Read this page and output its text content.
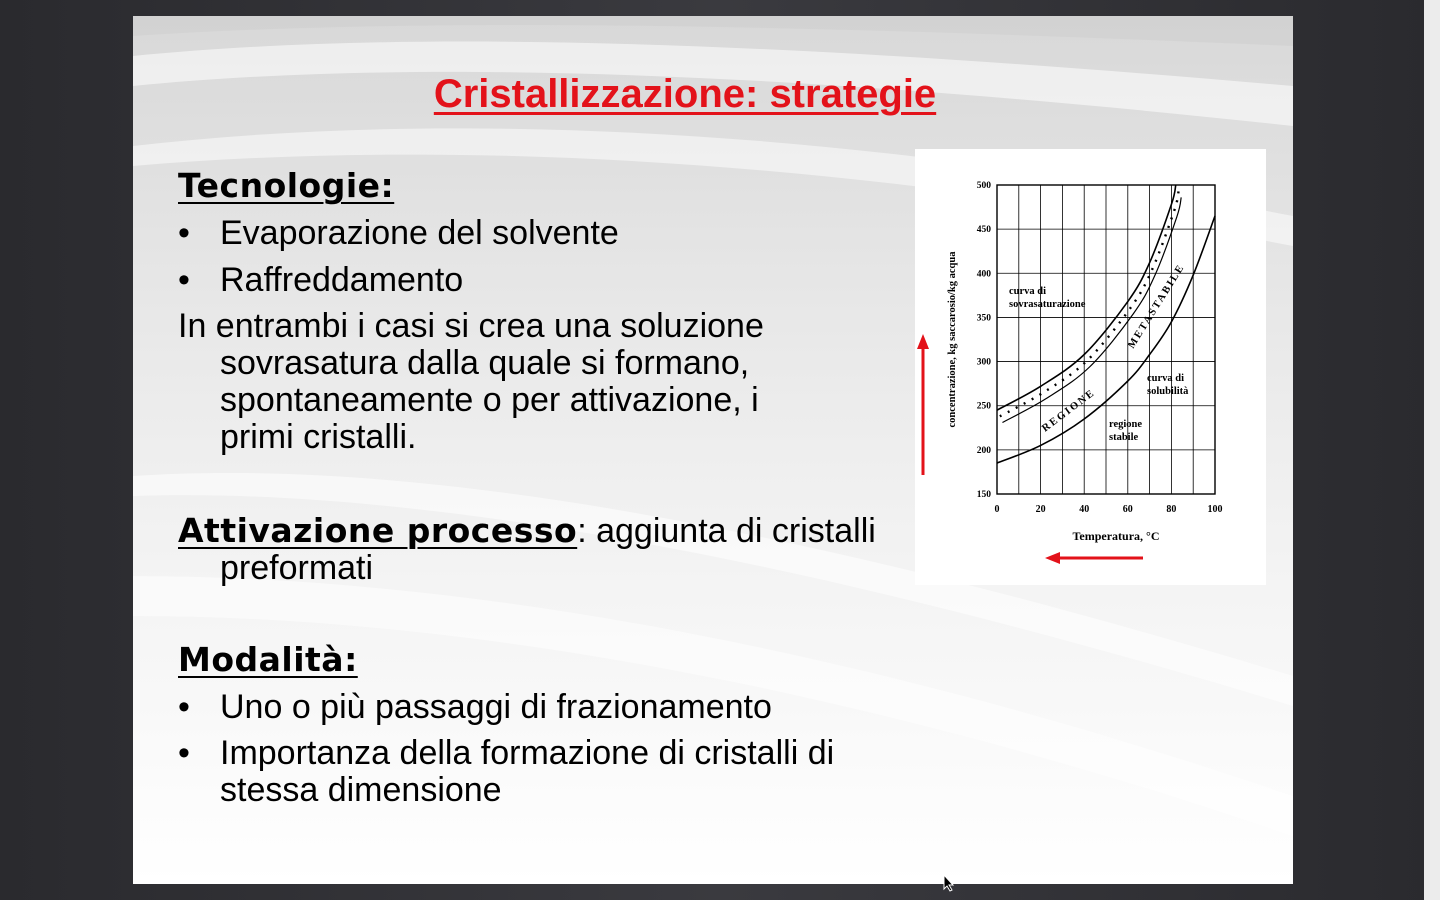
Cristallizzazione: strategie
Tecnologie:
• Evaporazione del solvente
• Raffreddamento
In entrambi i casi si crea una soluzione
sovrasatura dalla quale si formano,
spontaneamente o per attivazione, i
primi cristalli.
Attivazione processo: aggiunta di cristalli
preformati
Modalità:
• Uno o più passaggi di frazionamento
• Importanza della formazione di cristalli di
stessa dimensione
0	20	40	60	80	100
150
200
250
300
350
400
450
500
Temperatura, °C
concentrazione, kg saccarosio/kg acqua	curva di
sovrasaturazione
curva di
solubilità
regione
stabile
REGIONE
METASTABILE
